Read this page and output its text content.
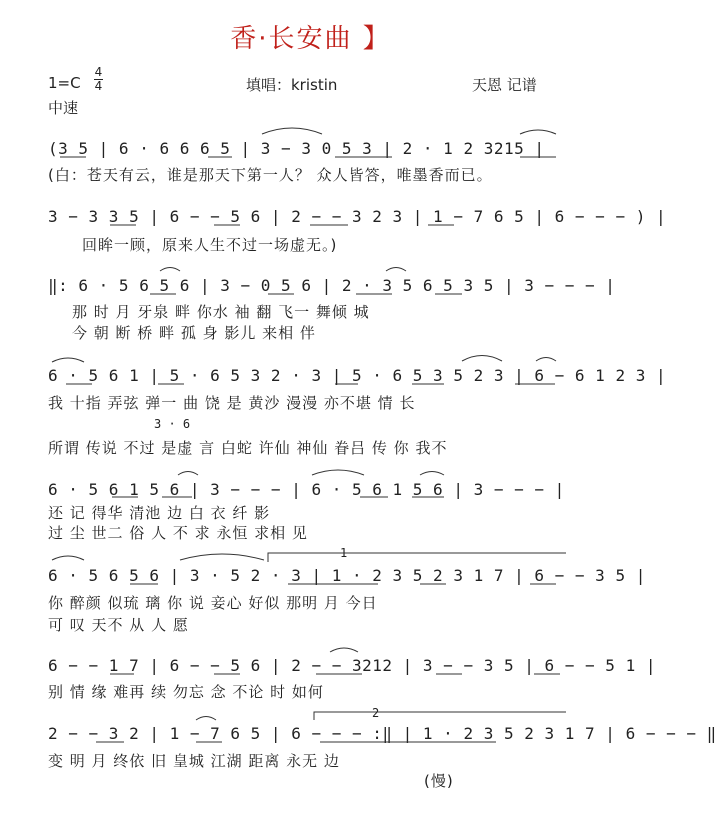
香·长安曲 】
1=C
4
4	填唱：kristin	天恩 记谱
中速
(3 5 | 6 · 6 6 6 5 | 3 − 3 0 5 3 | 2 · 1 2 3215 |
(白：苍天有云，谁是那天下第一人？ 众人皆答，唯墨香而已。
3 − 3 3 5 | 6 − − 5 6 | 2 − − 3 2 3 | 1 − 7 6 5 | 6 − − − ) |
回眸一顾，原来人生不过一场虚无。)
‖: 6 · 5 6 5 6 | 3 − 0 5 6 | 2 · 3 5 6 5 3 5 | 3 − − − |
那 时 月 牙泉 畔 你水 袖 翻 飞一 舞倾 城
今 朝 断 桥 畔 孤 身 影儿 来相 伴
6 · 5 6 1 | 5 · 6 5 3 2 · 3 | 5 · 6 5 3 5 2 3 | 6 − 6 1 2 3 |
我 十指 弄弦 弹一 曲 饶 是 黄沙 漫漫 亦不堪 情 长
3 · 6
所谓 传说 不过 是虚 言 白蛇 许仙 神仙 眷吕 传 你 我不
6 · 5 6 1 5 6 | 3 − − − | 6 · 5 6 1 5 6 | 3 − − − |
还 记 得华 清池 边 白 衣 纤 影
过 尘 世二 俗 人 不 求 永恒 求相 见
1
6 · 5 6 5 6 | 3 · 5 2 · 3 | 1 · 2 3 5 2 3 1 7 | 6 − − 3 5 |
你 醉颜 似琉 璃 你 说 妾心 好似 那明 月 今日
可 叹 天不 从 人 愿
6 − − 1 7 | 6 − − 5 6 | 2 − − 3212 | 3 − − 3 5 | 6 − − 5 1 |
别 情 缘 难再 续 勿忘 念 不论 时 如何
2
2 − − 3 2 | 1 − 7 6 5 | 6 − − − :‖ | 1 · 2 3 5 2 3 1 7 | 6 − − − ‖
变 明 月 终依 旧 皇城 江湖 距离 永无 边
(慢)
